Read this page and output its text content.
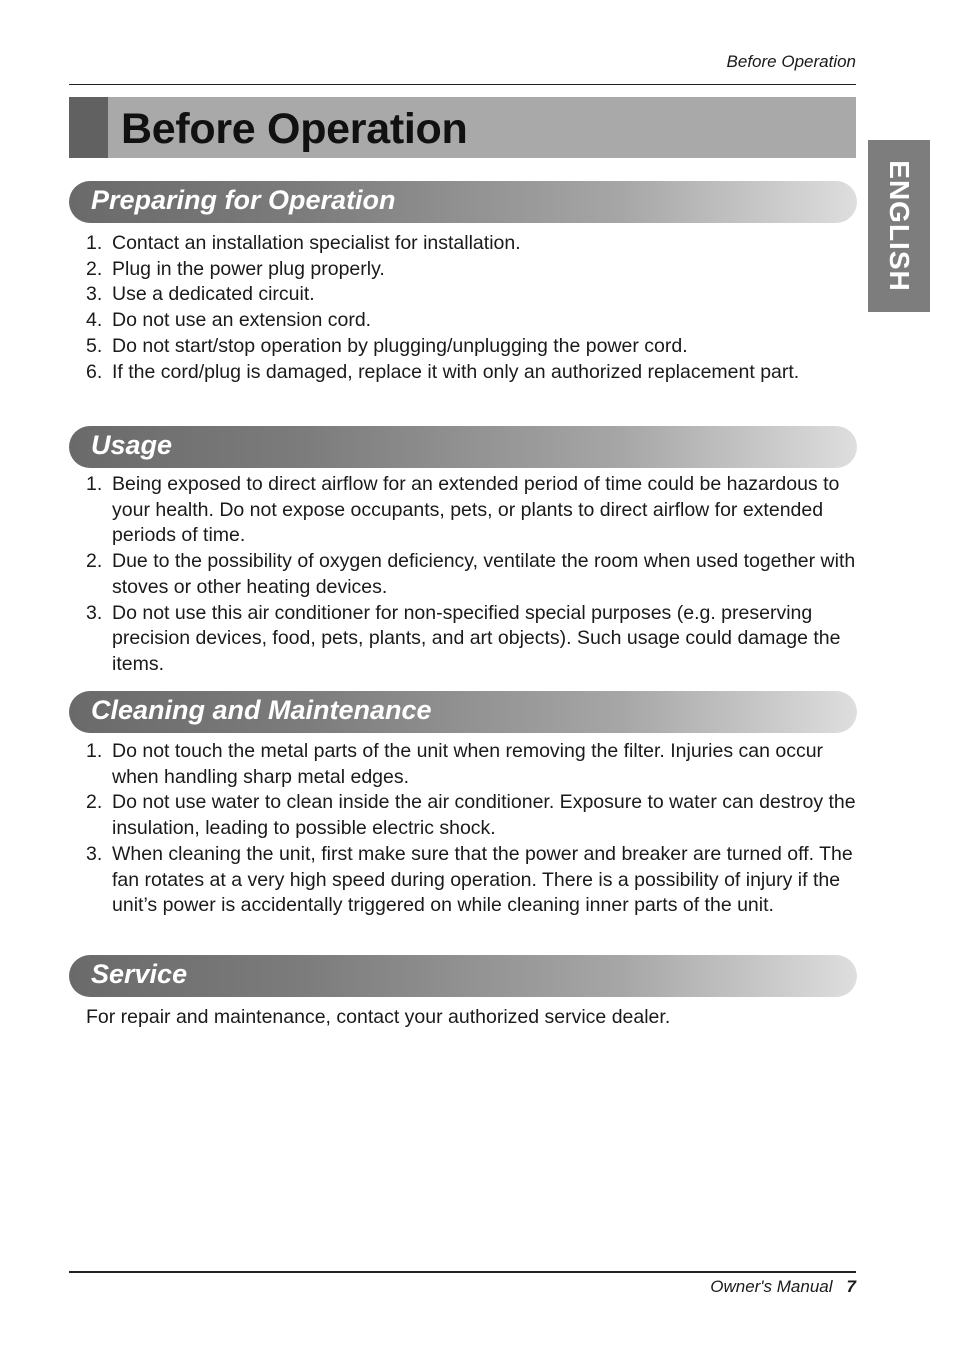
Before Operation
Before Operation
ENGLISH
Preparing for Operation
1. Contact an installation specialist for installation.
2. Plug in the power plug properly.
3. Use a dedicated circuit.
4. Do not use an extension cord.
5. Do not start/stop operation by plugging/unplugging the power cord.
6. If the cord/plug is damaged, replace it with only an authorized replacement part.
Usage
1. Being exposed to direct airflow for an extended period of time could be hazardous to your health. Do not expose occupants, pets, or plants to direct airflow for extended periods of time.
2. Due to the possibility of oxygen deficiency, ventilate the room when used together with stoves or other heating devices.
3. Do not use this air conditioner for non-specified special purposes (e.g. preserving precision devices, food, pets, plants, and art objects). Such usage could damage the items.
Cleaning and Maintenance
1. Do not touch the metal parts of the unit when removing the filter. Injuries can occur when handling sharp metal edges.
2. Do not use water to clean inside the air conditioner. Exposure to water can destroy the insulation, leading to possible electric shock.
3. When cleaning the unit, first make sure that the power and breaker are turned off. The fan rotates at a very high speed during operation. There is a possibility of injury if the unit’s power is accidentally triggered on while cleaning inner parts of the unit.
Service
For repair and maintenance, contact your authorized service dealer.
Owner's Manual 7
